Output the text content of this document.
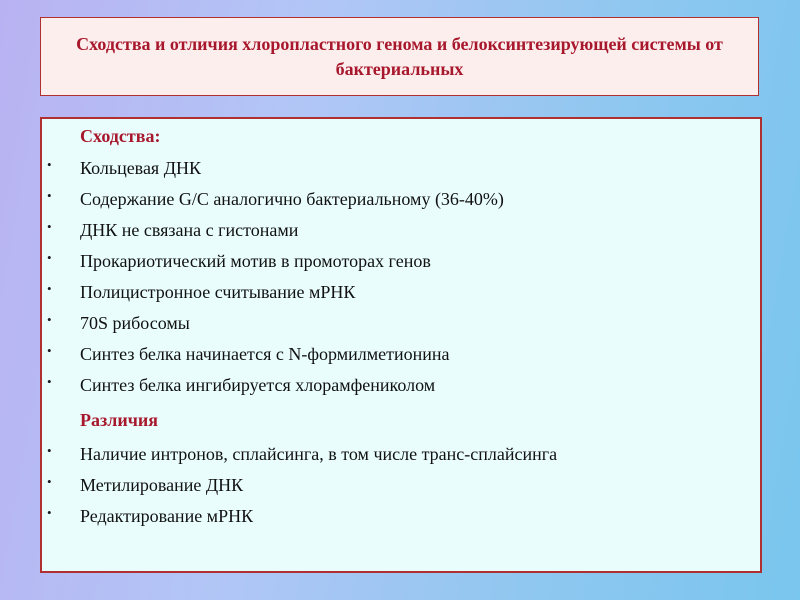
Сходства и отличия хлоропластного генома и белоксинтезирующей системы от бактериальных

Сходства:

• Кольцевая ДНК
• Содержание G/C аналогично бактериальному (36-40%)
• ДНК не связана с гистонами
• Прокариотический мотив в промоторах генов
• Полицистронное считывание мРНК
• 70S рибосомы
• Синтез белка начинается с N-формилметионина
• Синтез белка ингибируется хлорамфениколом

Различия

• Наличие интронов, сплайсинга, в том числе транс-сплайсинга
• Метилирование ДНК
• Редактирование мРНК
